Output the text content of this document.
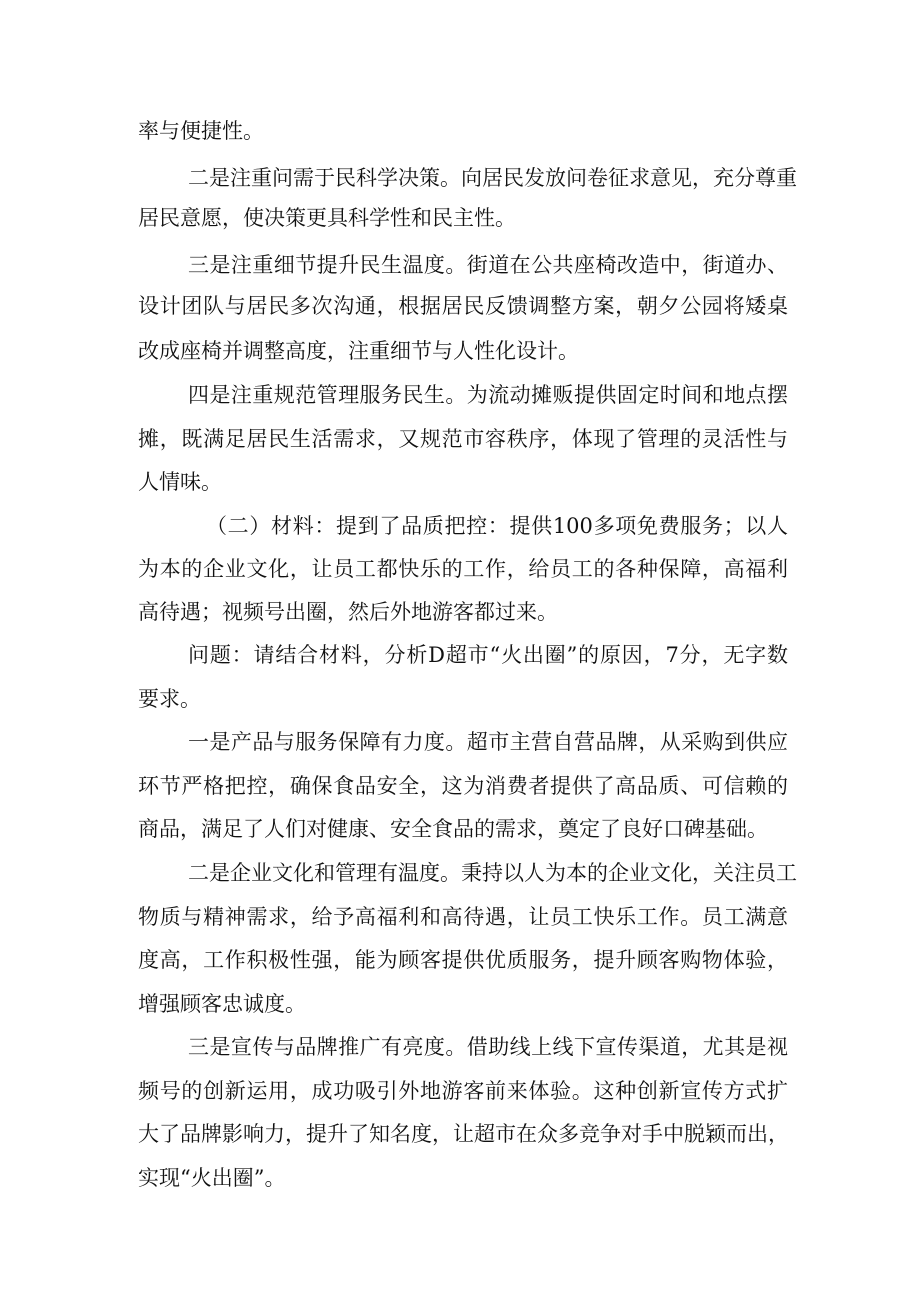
率与便捷性。
二是注重问需于民科学决策。向居民发放问卷征求意见，充分尊重
居民意愿，使决策更具科学性和民主性。
三是注重细节提升民生温度。街道在公共座椅改造中，街道办、
设计团队与居民多次沟通，根据居民反馈调整方案，朝夕公园将矮桌
改成座椅并调整高度，注重细节与人性化设计。
四是注重规范管理服务民生。为流动摊贩提供固定时间和地点摆
摊，既满足居民生活需求，又规范市容秩序，体现了管理的灵活性与
人情味。
（二）材料：提到了品质把控：提供100多项免费服务；以人
为本的企业文化，让员工都快乐的工作，给员工的各种保障，高福利
高待遇；视频号出圈，然后外地游客都过来。
问题：请结合材料，分析D超市“火出圈”的原因，7分，无字数
要求。
一是产品与服务保障有力度。超市主营自营品牌，从采购到供应
环节严格把控，确保食品安全，这为消费者提供了高品质、可信赖的
商品，满足了人们对健康、安全食品的需求，奠定了良好口碑基础。
二是企业文化和管理有温度。秉持以人为本的企业文化，关注员工
物质与精神需求，给予高福利和高待遇，让员工快乐工作。员工满意
度高，工作积极性强，能为顾客提供优质服务，提升顾客购物体验，
增强顾客忠诚度。
三是宣传与品牌推广有亮度。借助线上线下宣传渠道，尤其是视
频号的创新运用，成功吸引外地游客前来体验。这种创新宣传方式扩
大了品牌影响力，提升了知名度，让超市在众多竞争对手中脱颖而出，
实现“火出圈”。
